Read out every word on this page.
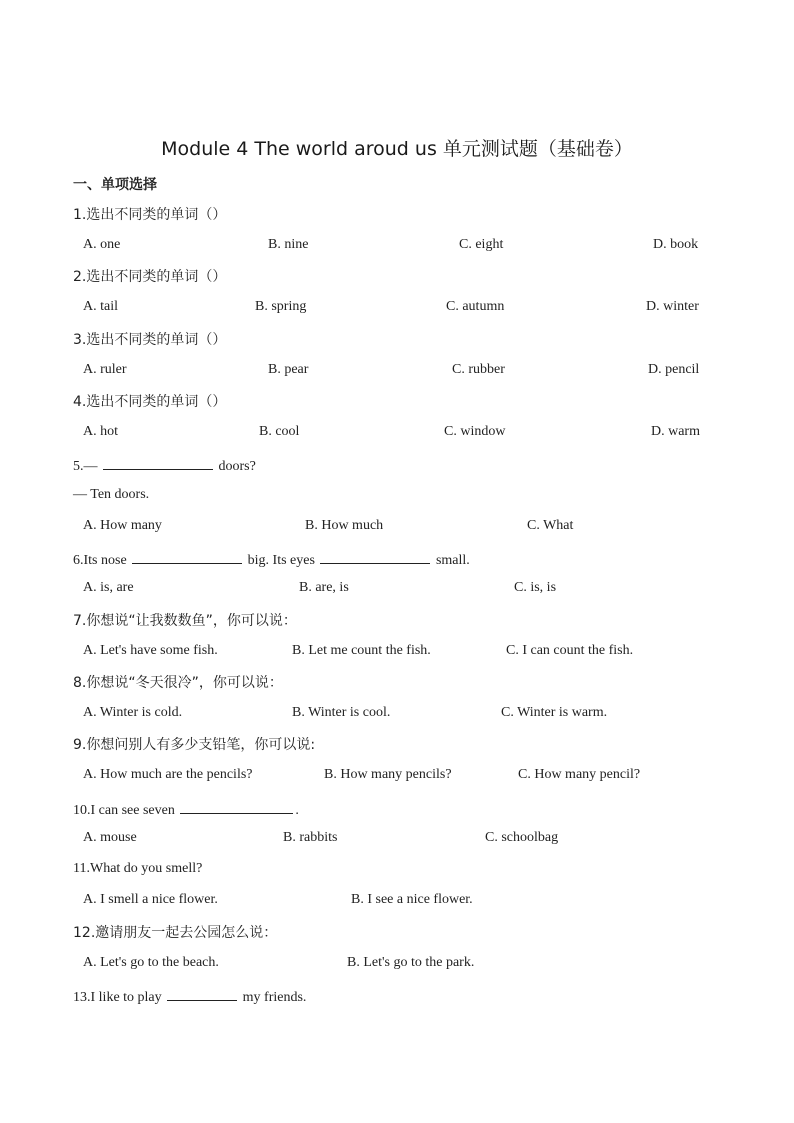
Module 4 The world aroud us 单元测试题（基础卷）
一、单项选择
1.选出不同类的单词（）
A. one	B. nine	C. eight	D. book
2.选出不同类的单词（）
A. tail	B. spring	C. autumn	D. winter
3.选出不同类的单词（）
A. ruler	B. pear	C. rubber	D. pencil
4.选出不同类的单词（）
A. hot	B. cool	C. window	D. warm
5.—	doors?
— Ten doors.
A. How many	B. How much	C. What
6.Its nose	big. Its eyes	small.
A. is, are	B. are, is	C. is, is
7.你想说“让我数数鱼”，你可以说：
A. Let's have some fish.	B. Let me count the fish.	C. I can count the fish.
8.你想说“冬天很冷”，你可以说：
A. Winter is cold.	B. Winter is cool.	C. Winter is warm.
9.你想问别人有多少支铅笔，你可以说:
A. How much are the pencils?	B. How many pencils?	C. How many pencil?
10.I can see seven	.
A. mouse	B. rabbits	C. schoolbag
11.What do you smell?
A. I smell a nice flower.	B. I see a nice flower.
12.邀请朋友一起去公园怎么说：
A. Let's go to the beach.	B. Let's go to the park.
13.I like to play	my friends.
